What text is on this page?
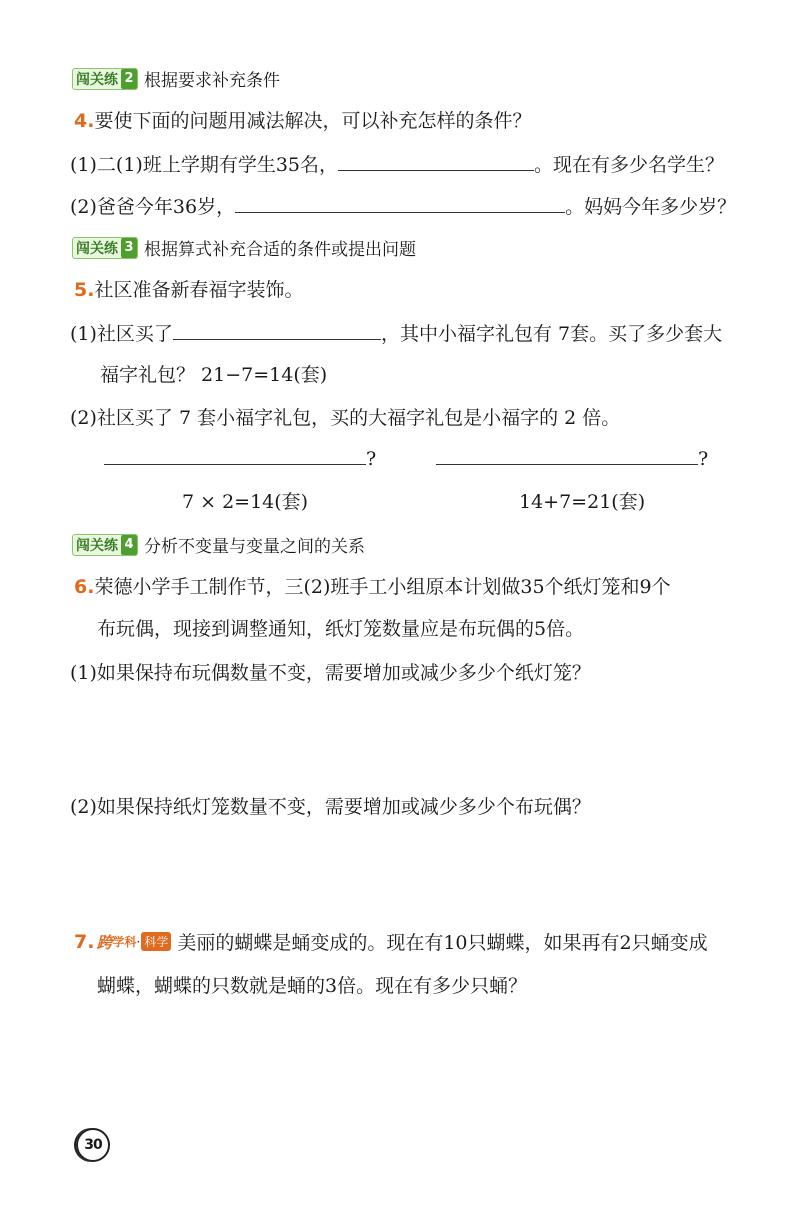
闯关练 2 根据要求补充条件
4.要使下面的问题用减法解决，可以补充怎样的条件？
(1)二(1)班上学期有学生35名，	。现在有多少名学生？
(2)爸爸今年36岁，	。妈妈今年多少岁？
闯关练 3 根据算式补充合适的条件或提出问题
5.社区准备新春福字装饰。
(1)社区买了	，其中小福字礼包有 7套。买了多少套大
福字礼包？ 21−7=14(套)
(2)社区买了 7 套小福字礼包，买的大福字礼包是小福字的 2 倍。
?	?
7 × 2=14(套)	14+7=21(套)
闯关练 4 分析不变量与变量之间的关系
6.荣德小学手工制作节，三(2)班手工小组原本计划做35个纸灯笼和9个
布玩偶，现接到调整通知，纸灯笼数量应是布玩偶的5倍。
(1)如果保持布玩偶数量不变，需要增加或减少多少个纸灯笼？
(2)如果保持纸灯笼数量不变，需要增加或减少多少个布玩偶？
7. 跨 学科 · 科学 美丽的蝴蝶是蛹变成的。现在有10只蝴蝶，如果再有2只蛹变成
蝴蝶，蝴蝶的只数就是蛹的3倍。现在有多少只蛹？
30
